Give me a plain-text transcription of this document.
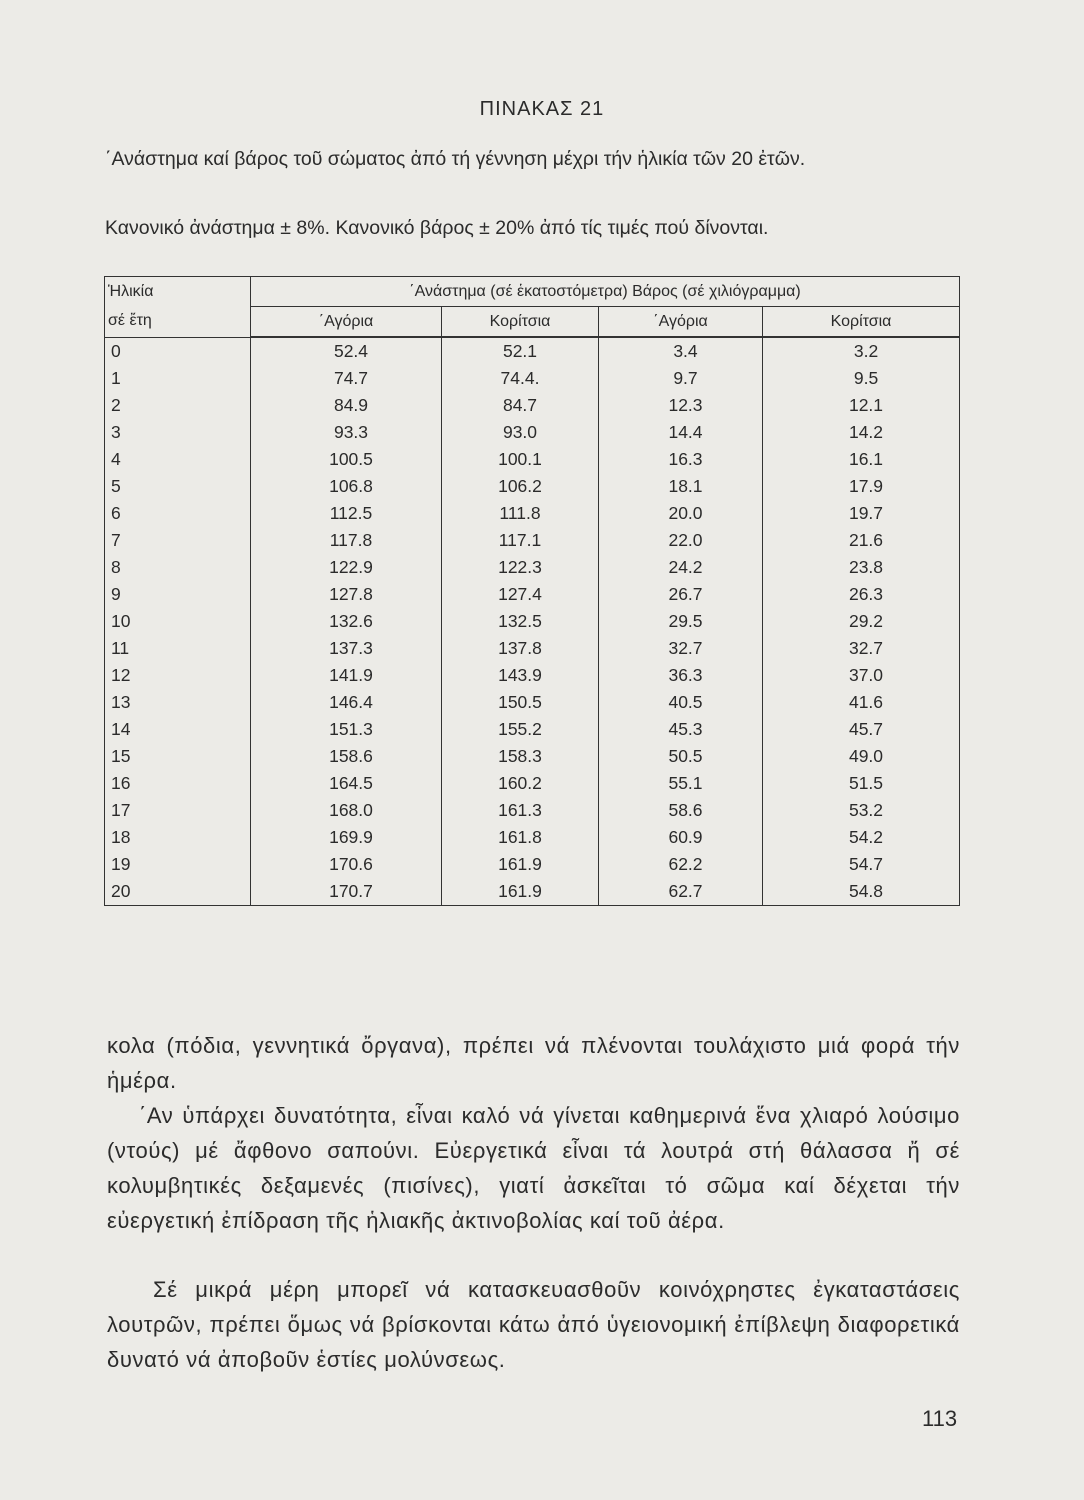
ΠΙΝΑΚΑΣ 21
΄Ανάστημα καί βάρος τοῦ σώματος ἀπό τή γέννηση μέχρι τήν ἡλικία τῶν 20 ἐτῶν.
Κανονικό ἀνάστημα ± 8%. Κανονικό βάρος ± 20% ἀπό τίς τιμές πού δίνονται.
Ἡλικία
σέ ἔτη	΄Ανάστημα (σέ ἑκατοστόμετρα) Βάρος (σέ χιλιόγραμμα)			
	΄Αγόρια	Κορίτσια	΄Αγόρια	Κορίτσια
0	52.4	52.1	3.4	3.2
1	74.7	74.4.	9.7	9.5
2	84.9	84.7	12.3	12.1
3	93.3	93.0	14.4	14.2
4	100.5	100.1	16.3	16.1
5	106.8	106.2	18.1	17.9
6	112.5	111.8	20.0	19.7
7	117.8	117.1	22.0	21.6
8	122.9	122.3	24.2	23.8
9	127.8	127.4	26.7	26.3
10	132.6	132.5	29.5	29.2
11	137.3	137.8	32.7	32.7
12	141.9	143.9	36.3	37.0
13	146.4	150.5	40.5	41.6
14	151.3	155.2	45.3	45.7
15	158.6	158.3	50.5	49.0
16	164.5	160.2	55.1	51.5
17	168.0	161.3	58.6	53.2
18	169.9	161.8	60.9	54.2
19	170.6	161.9	62.2	54.7
20	170.7	161.9	62.7	54.8
κολα (πόδια, γεννητικά ὄργανα), πρέπει νά πλένονται τουλάχιστο μιά φορά τήν ἡμέρα.
΄Αν ὑπάρχει δυνατότητα, εἶναι καλό νά γίνεται καθημερινά ἕνα χλιαρό λούσιμο (ντούς) μέ ἄφθονο σαπούνι. Εὐεργετικά εἶναι τά λουτρά στή θάλασσα ἤ σέ κολυμβητικές δεξαμενές (πισίνες), γιατί ἀσκεῖται τό σῶμα καί δέχεται τήν εὐεργετική ἐπίδραση τῆς ἡλιακῆς ἀκτινοβολίας καί τοῦ ἀέρα.
Σέ μικρά μέρη μπορεῖ νά κατασκευασθοῦν κοινόχρηστες ἐγκαταστάσεις λουτρῶν, πρέπει ὅμως νά βρίσκονται κάτω ἀπό ὑγειονομική ἐπίβλεψη διαφορετικά δυνατό νά ἀποβοῦν ἑστίες μολύνσεως.
113
